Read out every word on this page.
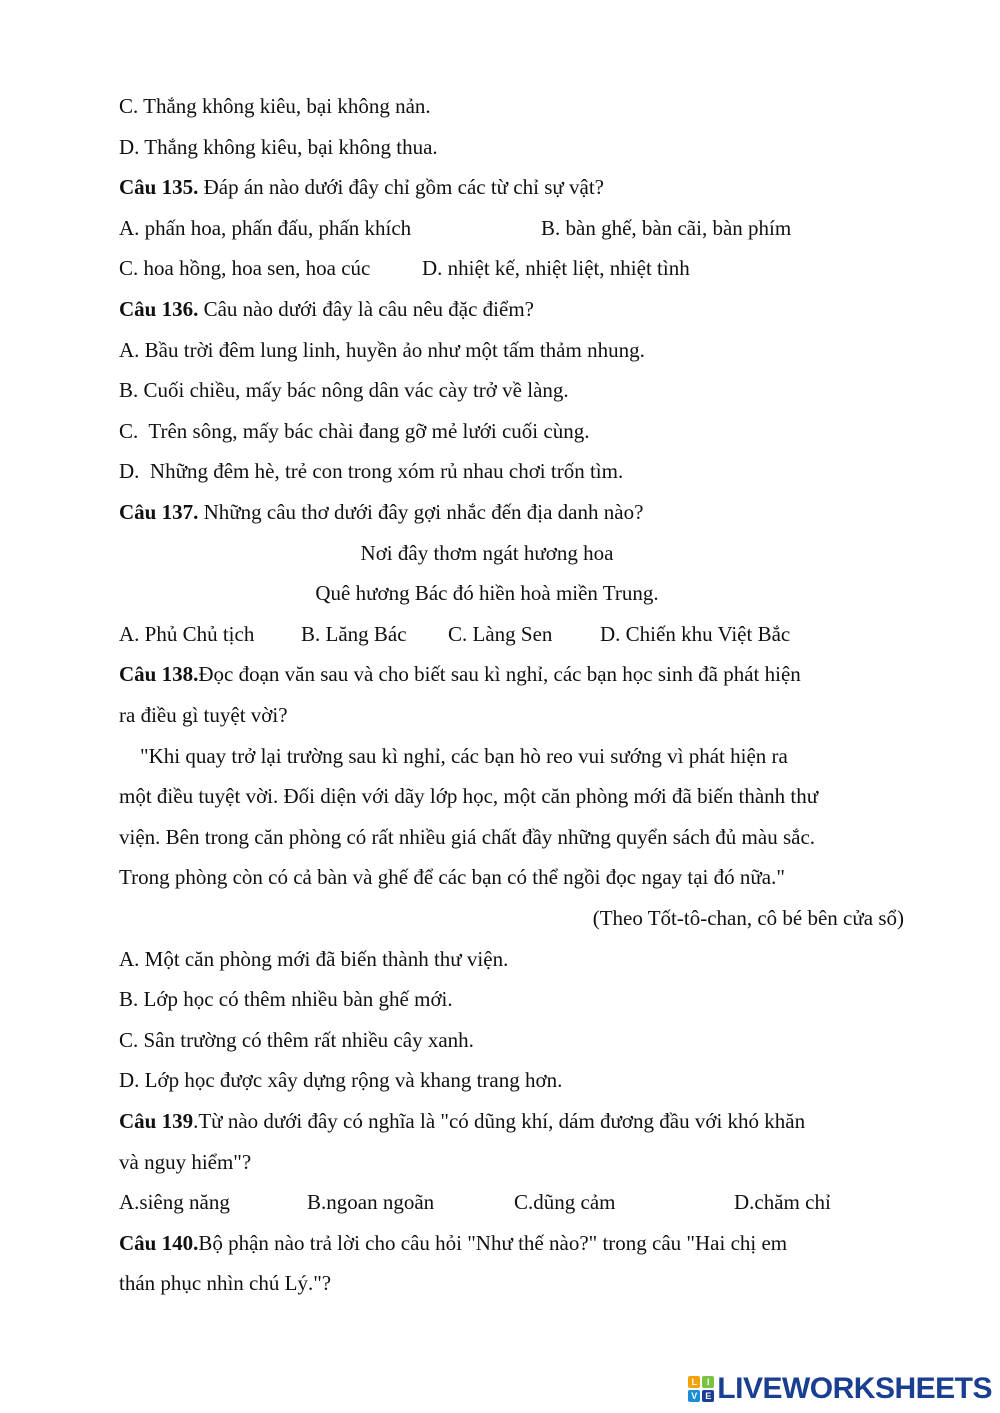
C. Thắng không kiêu, bại không nản.
D. Thắng không kiêu, bại không thua.
Câu 135. Đáp án nào dưới đây chỉ gồm các từ chỉ sự vật?
A. phấn hoa, phấn đấu, phấn khích	B. bàn ghế, bàn cãi, bàn phím
C. hoa hồng, hoa sen, hoa cúc D. nhiệt kế, nhiệt liệt, nhiệt tình
Câu 136. Câu nào dưới đây là câu nêu đặc điểm?
A. Bầu trời đêm lung linh, huyền ảo như một tấm thảm nhung.
B. Cuối chiều, mấy bác nông dân vác cày trở về làng.
C.  Trên sông, mấy bác chài đang gỡ mẻ lưới cuối cùng.
D.  Những đêm hè, trẻ con trong xóm rủ nhau chơi trốn tìm.
Câu 137. Những câu thơ dưới đây gợi nhắc đến địa danh nào?
Nơi đây thơm ngát hương hoa
Quê hương Bác đó hiền hoà miền Trung.
A. Phủ Chủ tịch B. Lăng Bác C. Làng Sen D. Chiến khu Việt Bắc
Câu 138.Đọc đoạn văn sau và cho biết sau kì nghỉ, các bạn học sinh đã phát hiện
ra điều gì tuyệt vời?
"Khi quay trở lại trường sau kì nghỉ, các bạn hò reo vui sướng vì phát hiện ra
một điều tuyệt vời. Đối diện với dãy lớp học, một căn phòng mới đã biến thành thư
viện. Bên trong căn phòng có rất nhiều giá chất đầy những quyển sách đủ màu sắc.
Trong phòng còn có cả bàn và ghế để các bạn có thể ngồi đọc ngay tại đó nữa."
(Theo Tốt-tô-chan, cô bé bên cửa sổ)
A. Một căn phòng mới đã biến thành thư viện.
B. Lớp học có thêm nhiều bàn ghế mới.
C. Sân trường có thêm rất nhiều cây xanh.
D. Lớp học được xây dựng rộng và khang trang hơn.
Câu 139.Từ nào dưới đây có nghĩa là "có dũng khí, dám đương đầu với khó khăn
và nguy hiểm"?
A.siêng năng	B.ngoan ngoãn	C.dũng cảm	D.chăm chỉ
Câu 140.Bộ phận nào trả lời cho câu hỏi "Như thế nào?" trong câu "Hai chị em
thán phục nhìn chú Lý."?
L	I
V E LIVEWORKSHEETS
